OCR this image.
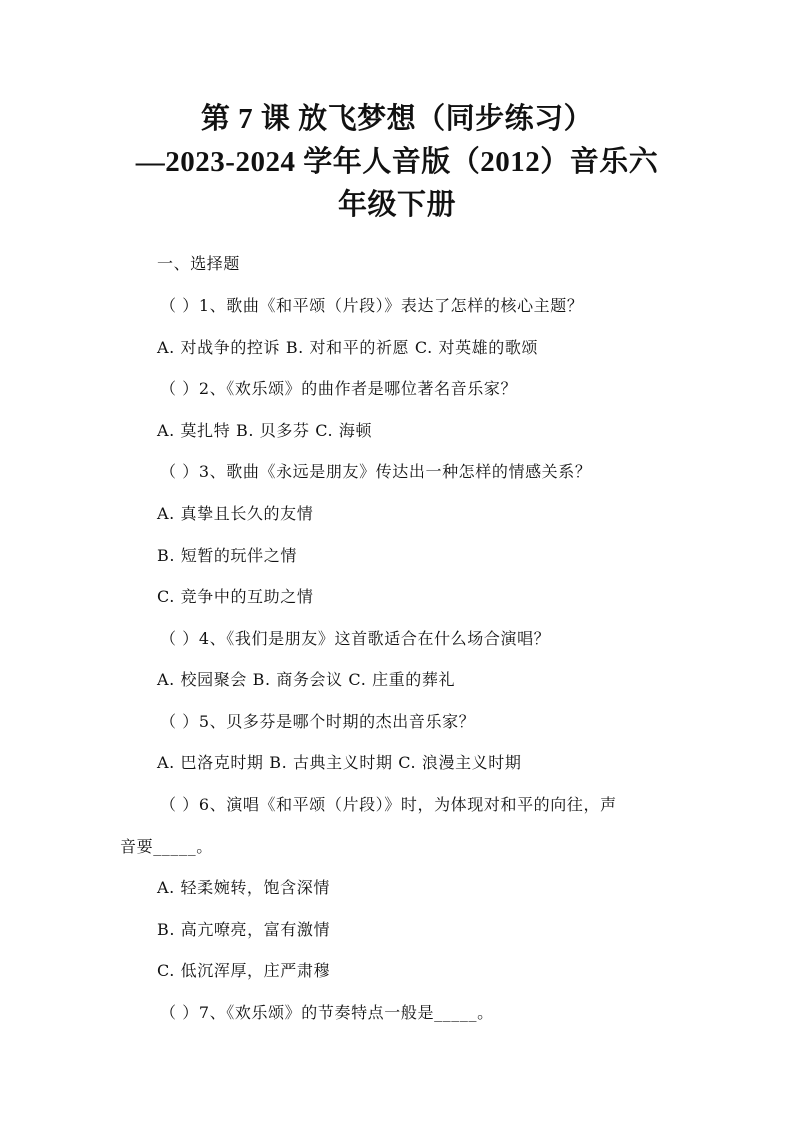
第 7 课 放飞梦想（同步练习）
—2023-2024 学年人音版（2012）音乐六
年级下册
一、选择题
（ ）1、歌曲《和平颂（片段）》表达了怎样的核心主题？
A. 对战争的控诉 B. 对和平的祈愿 C. 对英雄的歌颂
（ ）2、《欢乐颂》的曲作者是哪位著名音乐家？
A. 莫扎特 B. 贝多芬 C. 海顿
（ ）3、歌曲《永远是朋友》传达出一种怎样的情感关系？
A. 真挚且长久的友情
B. 短暂的玩伴之情
C. 竞争中的互助之情
（ ）4、《我们是朋友》这首歌适合在什么场合演唱？
A. 校园聚会 B. 商务会议 C. 庄重的葬礼
（ ）5、贝多芬是哪个时期的杰出音乐家？
A. 巴洛克时期 B. 古典主义时期 C. 浪漫主义时期
（ ）6、演唱《和平颂（片段）》时，为体现对和平的向往，声
音要_____。
A. 轻柔婉转，饱含深情
B. 高亢嘹亮，富有激情
C. 低沉浑厚，庄严肃穆
（ ）7、《欢乐颂》的节奏特点一般是_____。
